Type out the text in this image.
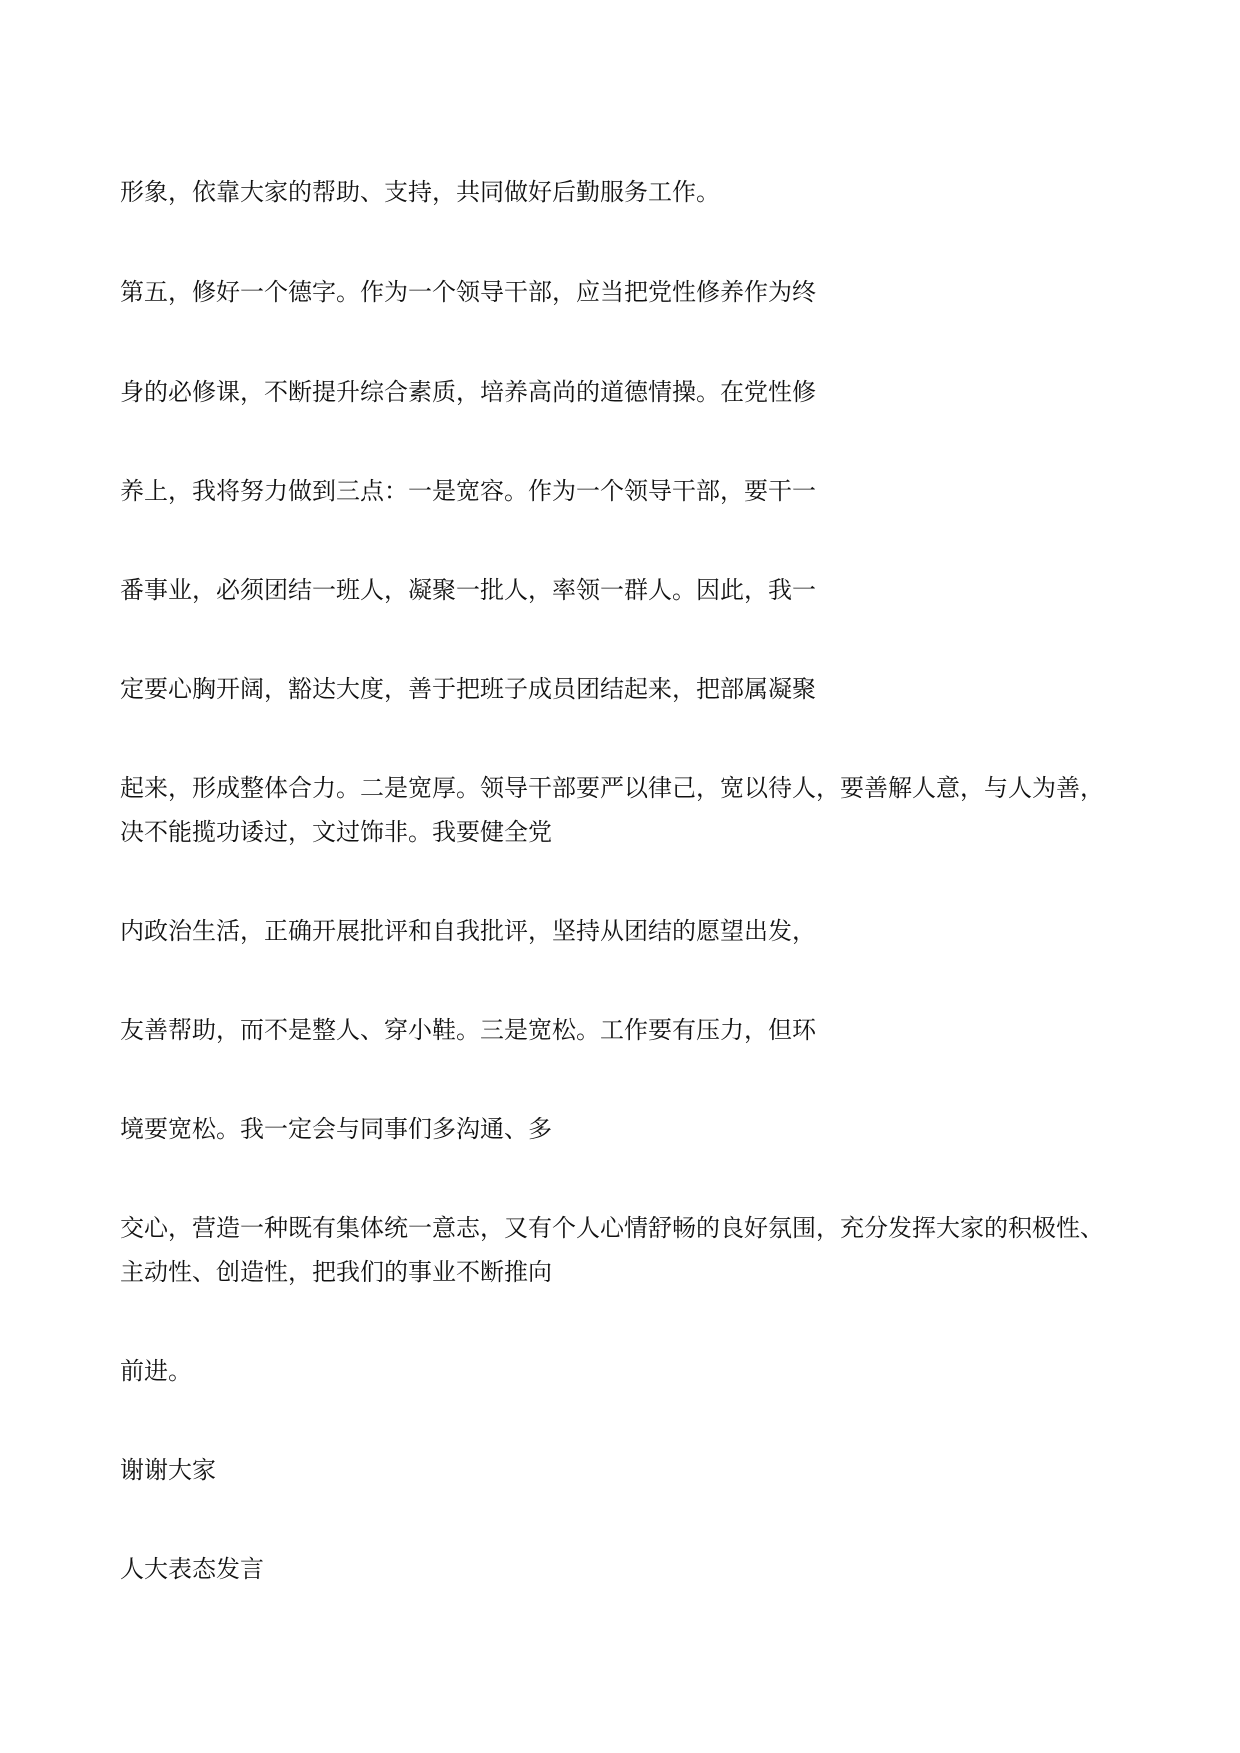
形象，依靠大家的帮助、支持，共同做好后勤服务工作。

第五，修好一个德字。作为一个领导干部，应当把党性修养作为终

身的必修课，不断提升综合素质，培养高尚的道德情操。在党性修

养上，我将努力做到三点：一是宽容。作为一个领导干部，要干一

番事业，必须团结一班人，凝聚一批人，率领一群人。因此，我一

定要心胸开阔，豁达大度，善于把班子成员团结起来，把部属凝聚

起来，形成整体合力。二是宽厚。领导干部要严以律己，宽以待人，要善解人意，与人为善，

决不能揽功诿过，文过饰非。我要健全党

内政治生活，正确开展批评和自我批评，坚持从团结的愿望出发，

友善帮助，而不是整人、穿小鞋。三是宽松。工作要有压力，但环

境要宽松。我一定会与同事们多沟通、多

交心，营造一种既有集体统一意志，又有个人心情舒畅的良好氛围，充分发挥大家的积极性、

主动性、创造性，把我们的事业不断推向

前进。

谢谢大家

人大表态发言
